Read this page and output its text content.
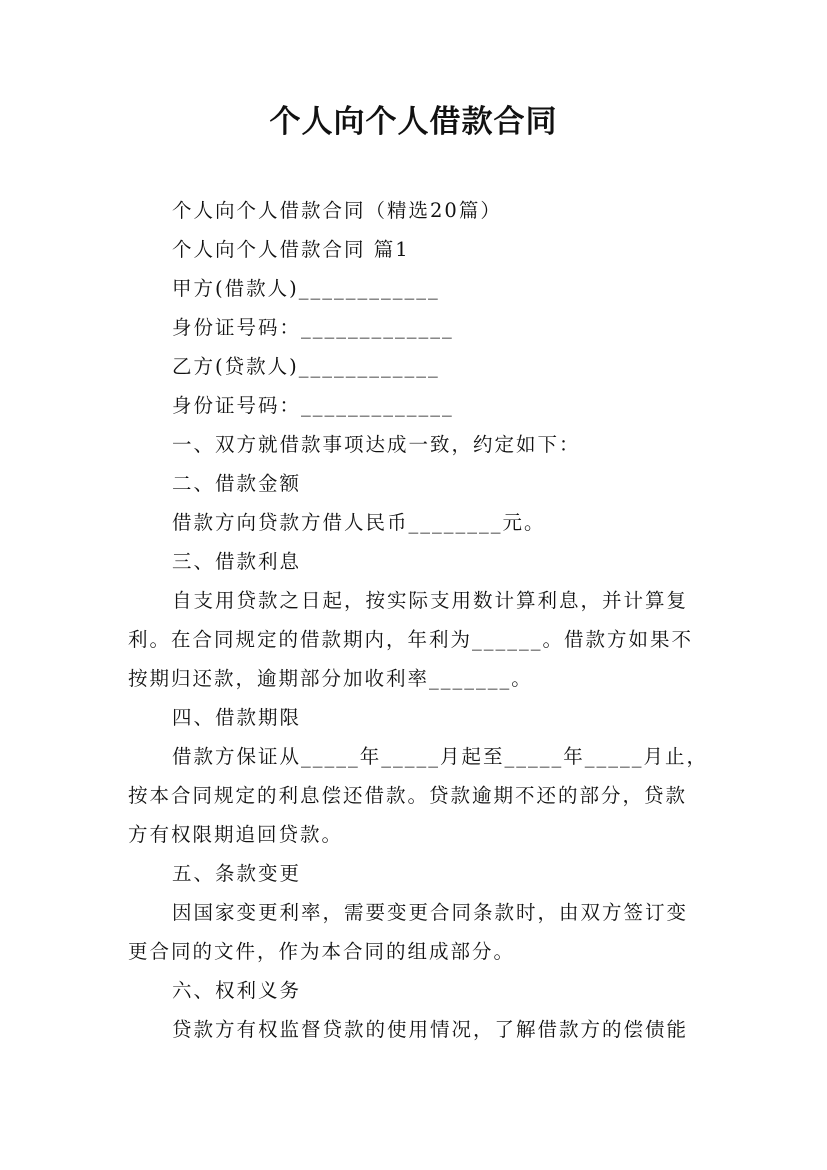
个人向个人借款合同
个人向个人借款合同（精选20篇）
个人向个人借款合同 篇1
甲方(借款人)____________
身份证号码：_____________
乙方(贷款人)____________
身份证号码：_____________
一、双方就借款事项达成一致，约定如下：
二、借款金额
借款方向贷款方借人民币________元。
三、借款利息
自支用贷款之日起，按实际支用数计算利息，并计算复
利。在合同规定的借款期内，年利为______。借款方如果不
按期归还款，逾期部分加收利率_______。
四、借款期限
借款方保证从_____年_____月起至_____年_____月止，
按本合同规定的利息偿还借款。贷款逾期不还的部分，贷款
方有权限期追回贷款。
五、条款变更
因国家变更利率，需要变更合同条款时，由双方签订变
更合同的文件，作为本合同的组成部分。
六、权利义务
贷款方有权监督贷款的使用情况，了解借款方的偿债能
